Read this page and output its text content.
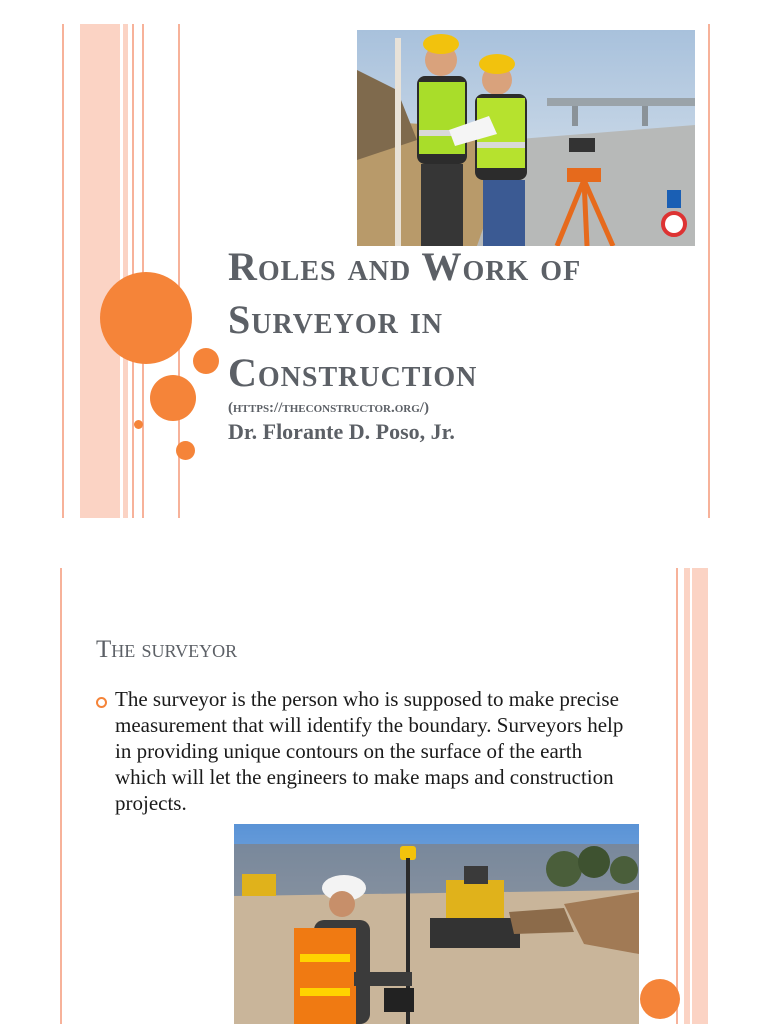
Roles and Work of Surveyor in Construction
(https://theconstructor.org/)
Dr. Florante D. Poso, Jr.
The surveyor
The surveyor is the person who is supposed to make precise measurement that will identify the boundary. Surveyors help in providing unique contours on the surface of the earth which will let the engineers to make maps and construction projects.
